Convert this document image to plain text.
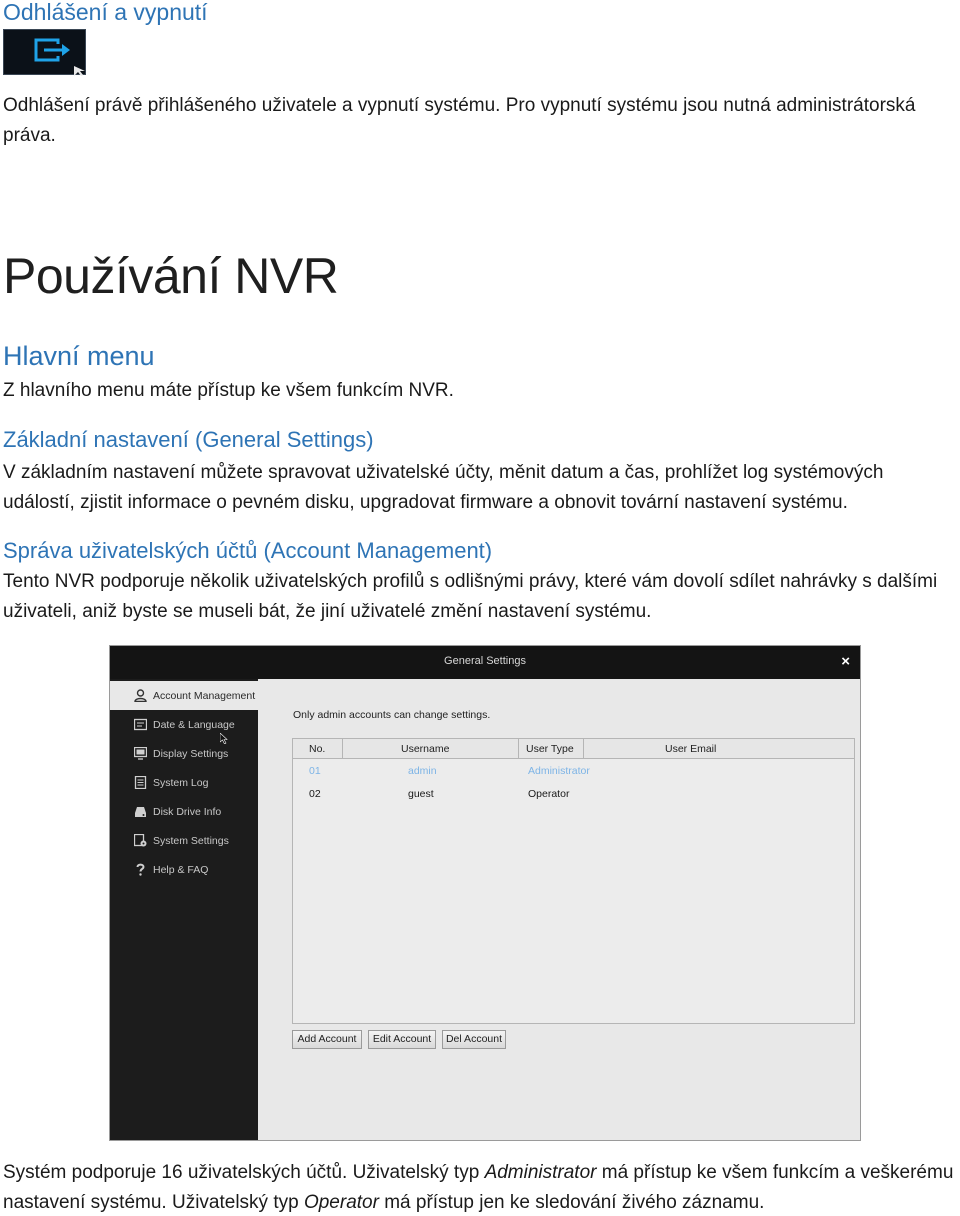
Odhlášení a vypnutí
Odhlášení právě přihlášeného uživatele a vypnutí systému. Pro vypnutí systému jsou nutná administrátorská práva.
Používání NVR
Hlavní menu
Z hlavního menu máte přístup ke všem funkcím NVR.
Základní nastavení (General Settings)
V základním nastavení můžete spravovat uživatelské účty, měnit datum a čas, prohlížet log systémových událostí, zjistit informace o pevném disku, upgradovat firmware a obnovit tovární nastavení systému.
Správa uživatelských účtů (Account Management)
Tento NVR podporuje několik uživatelských profilů s odlišnými právy, které vám dovolí sdílet nahrávky s dalšími uživateli, aniž byste se museli bát, že jiní uživatelé změní nastavení systému.
General Settings	×
Account Management
Date & Language
Display Settings
System Log
Disk Drive Info
System Settings
Help & FAQ
Only admin accounts can change settings.
No.	Username	User Type	User Email
01	admin	Administrator
02	guest	Operator
Add Account	Edit Account	Del Account
Systém podporuje 16 uživatelských účtů. Uživatelský typ Administrator má přístup ke všem funkcím a veškerému nastavení systému. Uživatelský typ Operator má přístup jen ke sledování živého záznamu.
